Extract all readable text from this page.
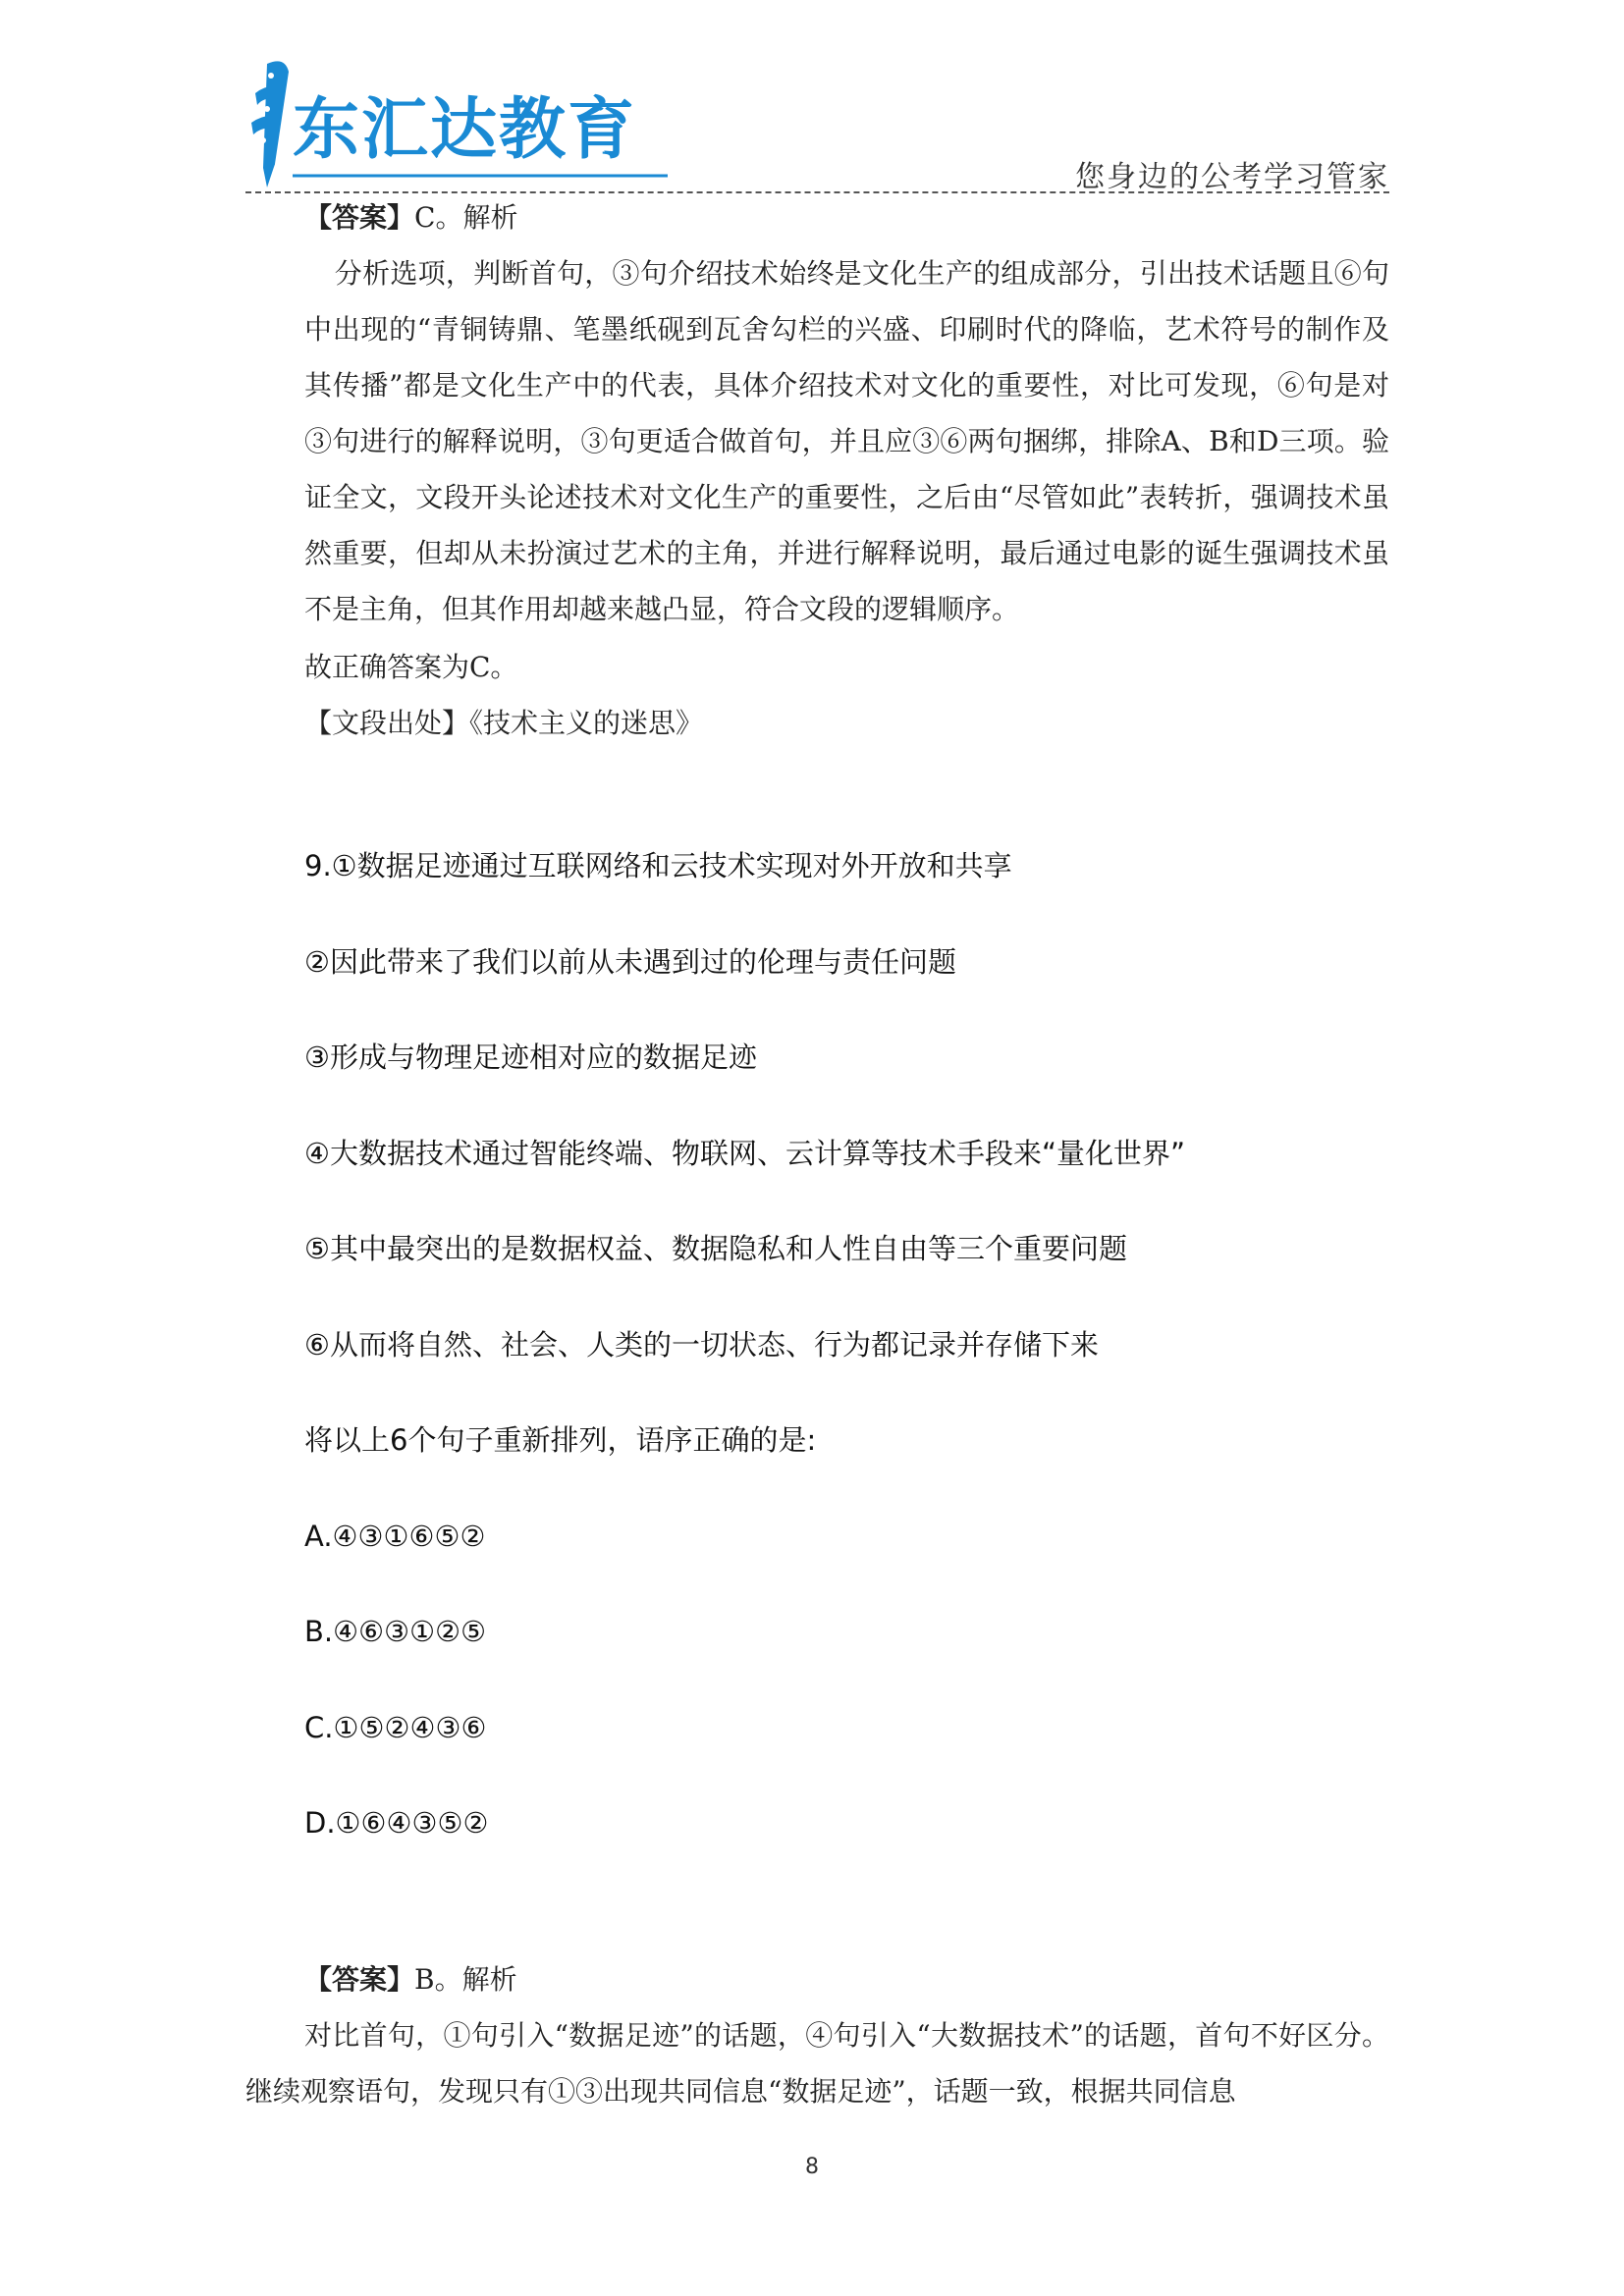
东汇达教育
您身边的公考学习管家

【答案】C。解析

分析选项，判断首句，③句介绍技术始终是文化生产的组成部分，引出技术话题且⑥句中出现的“青铜铸鼎、笔墨纸砚到瓦舍勾栏的兴盛、印刷时代的降临，艺术符号的制作及其传播”都是文化生产中的代表，具体介绍技术对文化的重要性，对比可发现，⑥句是对③句进行的解释说明，③句更适合做首句，并且应③⑥两句捆绑，排除A、B和D三项。验证全文，文段开头论述技术对文化生产的重要性，之后由“尽管如此”表转折，强调技术虽然重要，但却从未扮演过艺术的主角，并进行解释说明，最后通过电影的诞生强调技术虽不是主角，但其作用却越来越凸显，符合文段的逻辑顺序。

故正确答案为C。

【文段出处】《技术主义的迷思》

9.①数据足迹通过互联网络和云技术实现对外开放和共享

②因此带来了我们以前从未遇到过的伦理与责任问题

③形成与物理足迹相对应的数据足迹

④大数据技术通过智能终端、物联网、云计算等技术手段来“量化世界”

⑤其中最突出的是数据权益、数据隐私和人性自由等三个重要问题

⑥从而将自然、社会、人类的一切状态、行为都记录并存储下来

将以上6个句子重新排列，语序正确的是:

A.④③①⑥⑤②

B.④⑥③①②⑤

C.①⑤②④③⑥

D.①⑥④③⑤②

【答案】B。解析

对比首句，①句引入“数据足迹”的话题，④句引入“大数据技术”的话题，首句不好区分。继续观察语句，发现只有①③出现共同信息“数据足迹”，话题一致，根据共同信息

8
